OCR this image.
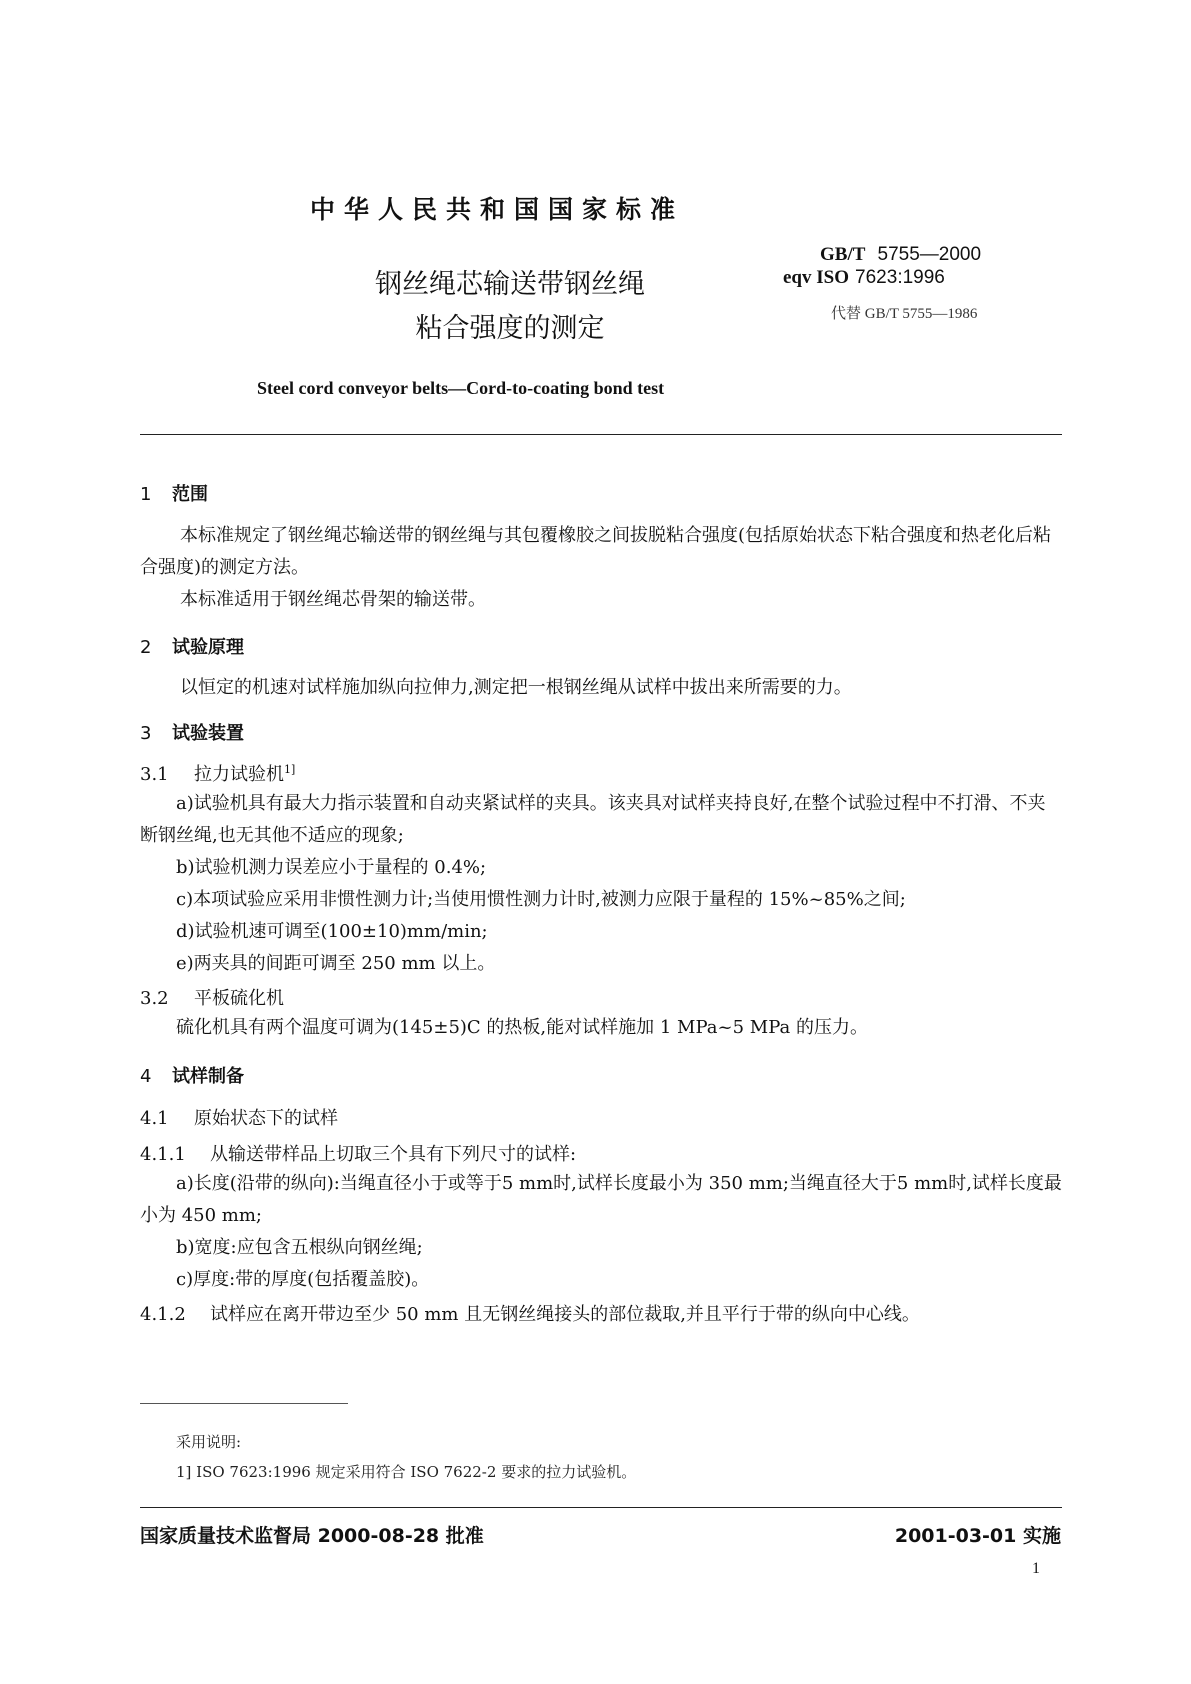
中华人民共和国国家标准
GB/T 5755—2000
eqv ISO 7623:1996
代替 GB/T 5755—1986
钢丝绳芯输送带钢丝绳
粘合强度的测定
Steel cord conveyor belts—Cord-to-coating bond test
1 范围
本标准规定了钢丝绳芯输送带的钢丝绳与其包覆橡胶之间拔脱粘合强度(包括原始状态下粘合强度和热老化后粘合强度)的测定方法。
本标准适用于钢丝绳芯骨架的输送带。
2 试验原理
以恒定的机速对试样施加纵向拉伸力,测定把一根钢丝绳从试样中拔出来所需要的力。
3 试验装置
3.1 拉力试验机$^{1]}$
a)试验机具有最大力指示装置和自动夹紧试样的夹具。该夹具对试样夹持良好,在整个试验过程中不打滑、不夹断钢丝绳,也无其他不适应的现象;
b)试验机测力误差应小于量程的 0.4%;
c)本项试验应采用非惯性测力计;当使用惯性测力计时,被测力应限于量程的 15%~85%之间;
d)试验机速可调至(100±10)mm/min;
e)两夹具的间距可调至 250 mm 以上。
3.2 平板硫化机
硫化机具有两个温度可调为(145±5)C 的热板,能对试样施加 1 MPa~5 MPa 的压力。
4 试样制备
4.1 原始状态下的试样
4.1.1 从输送带样品上切取三个具有下列尺寸的试样:
a)长度(沿带的纵向):当绳直径小于或等于5 mm时,试样长度最小为 350 mm;当绳直径大于5 mm时,试样长度最小为 450 mm;
b)宽度:应包含五根纵向钢丝绳;
c)厚度:带的厚度(包括覆盖胶)。
4.1.2 试样应在离开带边至少 50 mm 且无钢丝绳接头的部位裁取,并且平行于带的纵向中心线。
采用说明:
1] ISO 7623:1996 规定采用符合 ISO 7622-2 要求的拉力试验机。
国家质量技术监督局 2000-08-28 批准	2001-03-01 实施
1
